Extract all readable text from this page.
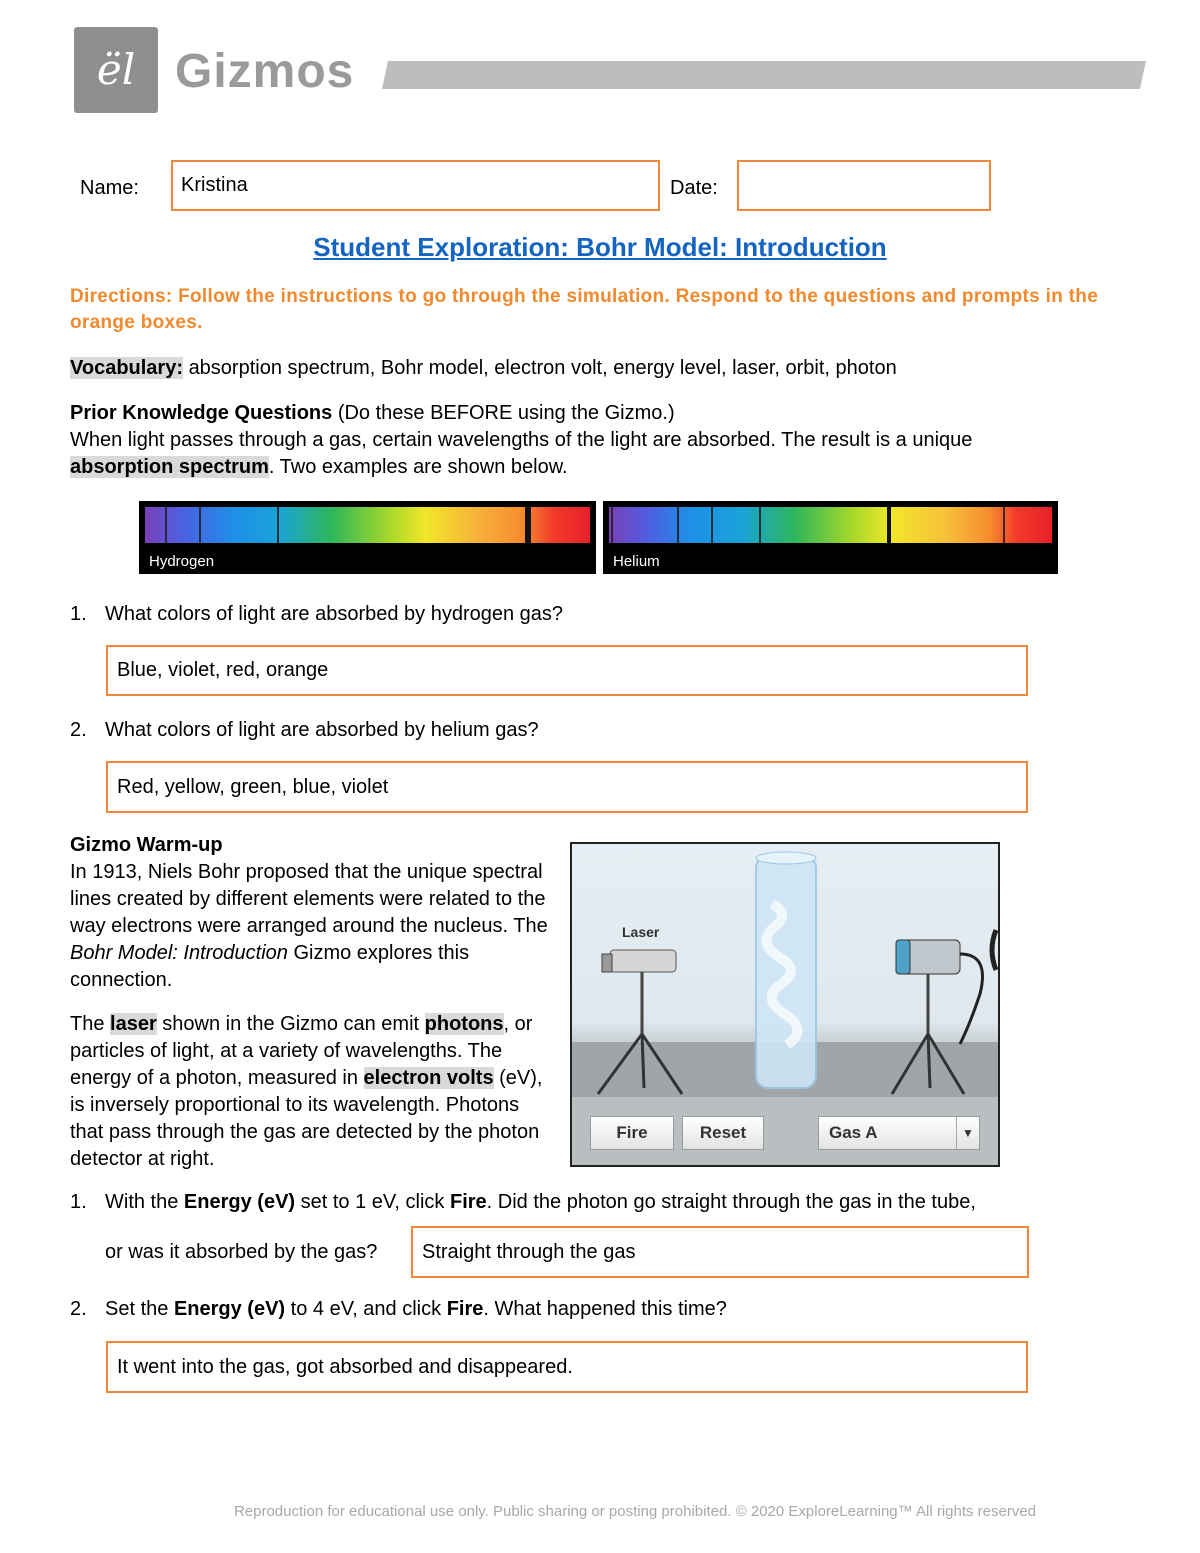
ël Gizmos
Name:	Kristina	Date:
Student Exploration: Bohr Model: Introduction
Directions: Follow the instructions to go through the simulation. Respond to the questions and prompts in the orange boxes.
Vocabulary: absorption spectrum, Bohr model, electron volt, energy level, laser, orbit, photon
Prior Knowledge Questions (Do these BEFORE using the Gizmo.)
When light passes through a gas, certain wavelengths of the light are absorbed. The result is a unique
absorption spectrum. Two examples are shown below.
Hydrogen	Helium
1. What colors of light are absorbed by hydrogen gas?
Blue, violet, red, orange
2. What colors of light are absorbed by helium gas?
Red, yellow, green, blue, violet
Gizmo Warm-up
In 1913, Niels Bohr proposed that the unique spectral lines created by different elements were related to the way electrons were arranged around the nucleus. The Bohr Model: Introduction Gizmo explores this connection.
The laser shown in the Gizmo can emit photons, or particles of light, at a variety of wavelengths. The energy of a photon, measured in electron volts (eV), is inversely proportional to its wavelength. Photons that pass through the gas are detected by the photon detector at right.
Laser
Fire	Reset	Gas A	▼
1. With the Energy (eV) set to 1 eV, click Fire. Did the photon go straight through the gas in the tube,
or was it absorbed by the gas?	Straight through the gas
2. Set the Energy (eV) to 4 eV, and click Fire. What happened this time?
It went into the gas, got absorbed and disappeared.
Reproduction for educational use only. Public sharing or posting prohibited. © 2020 ExploreLearning™ All rights reserved
